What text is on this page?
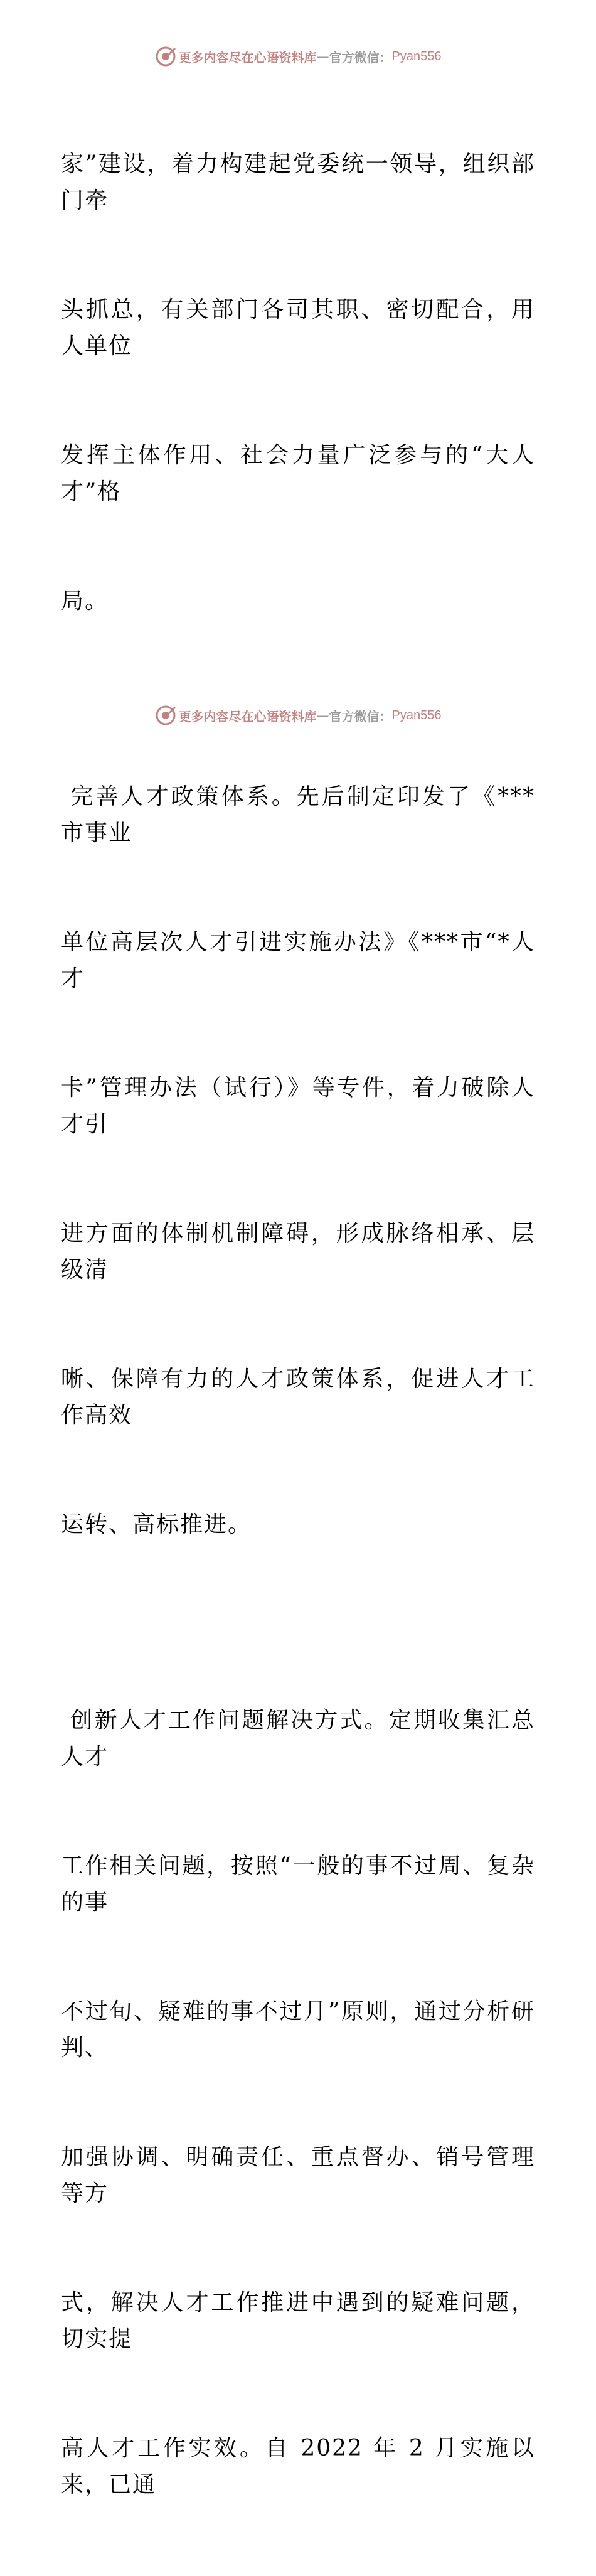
更多内容尽在心语资料库 — 官方微信： Pyan556

家”建设，着力构建起党委统一领导，组织部门牵

头抓总，有关部门各司其职、密切配合，用人单位

发挥主体作用、社会力量广泛参与的“大人才”格

局。

完善人才政策体系。先后制定印发了《***市事业

单位高层次人才引进实施办法》《***市“*人才

卡”管理办法（试行）》等专件，着力破除人才引

进方面的体制机制障碍，形成脉络相承、层级清

晰、保障有力的人才政策体系，促进人才工作高效

运转、高标推进。

创新人才工作问题解决方式。定期收集汇总人才

工作相关问题，按照“一般的事不过周、复杂的事

不过旬、疑难的事不过月”原则，通过分析研判、

加强协调、明确责任、重点督办、销号管理等方

式，解决人才工作推进中遇到的疑难问题，切实提

高人才工作实效。自 2022 年 2 月实施以来，已通

更多内容尽在心语资料库 — 官方微信： Pyan556
